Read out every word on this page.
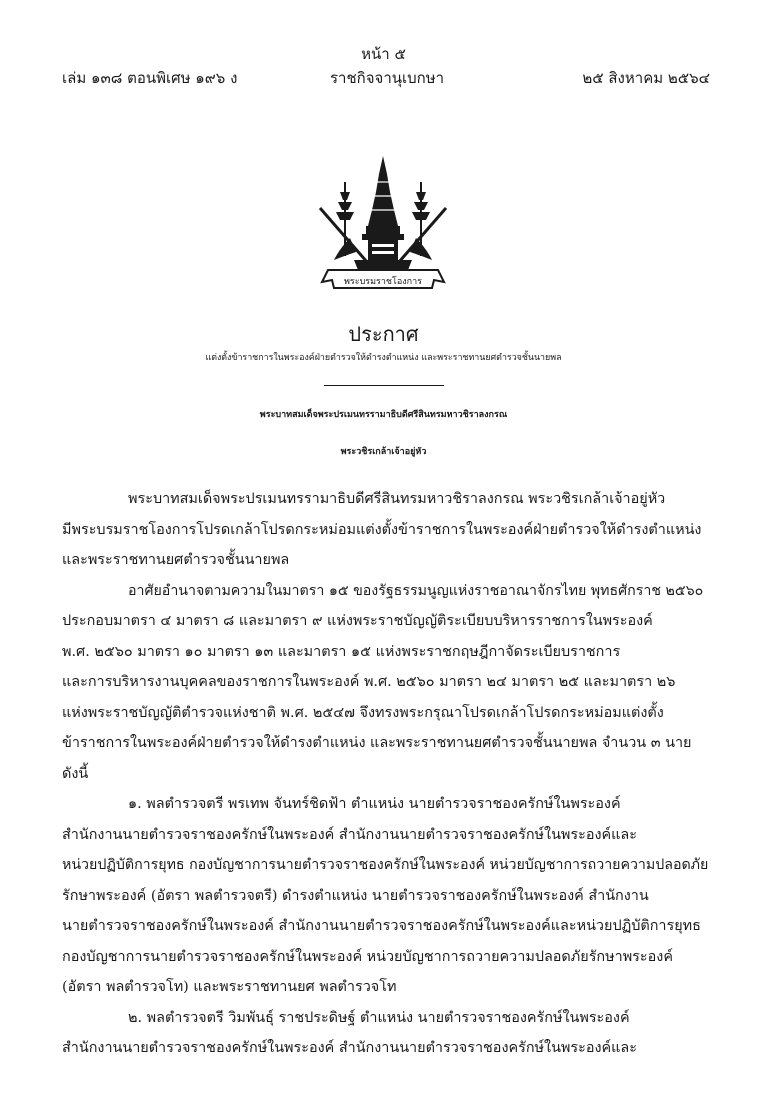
หน้า ๕
เล่ม ๑๓๘ ตอนพิเศษ ๑๙๖ ง	ราชกิจจานุเบกษา	๒๕ สิงหาคม ๒๕๖๔
พระบรมราชโองการ
ประกาศ
แต่งตั้งข้าราชการในพระองค์ฝ่ายตำรวจให้ดำรงตำแหน่ง และพระราชทานยศตำรวจชั้นนายพล
พระบาทสมเด็จพระปรเมนทรรามาธิบดีศรีสินทรมหาวชิราลงกรณ
พระวชิรเกล้าเจ้าอยู่หัว

พระบาทสมเด็จพระปรเมนทรรามาธิบดีศรีสินทรมหาวชิราลงกรณ พระวชิรเกล้าเจ้าอยู่หัว
มีพระบรมราชโองการโปรดเกล้าโปรดกระหม่อมแต่งตั้งข้าราชการในพระองค์ฝ่ายตำรวจให้ดำรงตำแหน่ง
และพระราชทานยศตำรวจชั้นนายพล

อาศัยอำนาจตามความในมาตรา ๑๕ ของรัฐธรรมนูญแห่งราชอาณาจักรไทย พุทธศักราช ๒๕๖๐
ประกอบมาตรา ๔ มาตรา ๘ และมาตรา ๙ แห่งพระราชบัญญัติระเบียบบริหารราชการในพระองค์
พ.ศ. ๒๕๖๐ มาตรา ๑๐ มาตรา ๑๓ และมาตรา ๑๕ แห่งพระราชกฤษฎีกาจัดระเบียบราชการ
และการบริหารงานบุคคลของราชการในพระองค์ พ.ศ. ๒๕๖๐ มาตรา ๒๔ มาตรา ๒๕ และมาตรา ๒๖
แห่งพระราชบัญญัติตำรวจแห่งชาติ พ.ศ. ๒๕๔๗ จึงทรงพระกรุณาโปรดเกล้าโปรดกระหม่อมแต่งตั้ง
ข้าราชการในพระองค์ฝ่ายตำรวจให้ดำรงตำแหน่ง และพระราชทานยศตำรวจชั้นนายพล จำนวน ๓ นาย
ดังนี้

๑. พลตำรวจตรี พรเทพ จันทร์ชิดฟ้า ตำแหน่ง นายตำรวจราชองครักษ์ในพระองค์
สำนักงานนายตำรวจราชองครักษ์ในพระองค์ สำนักงานนายตำรวจราชองครักษ์ในพระองค์และ
หน่วยปฏิบัติการยุทธ กองบัญชาการนายตำรวจราชองครักษ์ในพระองค์ หน่วยบัญชาการถวายความปลอดภัย
รักษาพระองค์ (อัตรา พลตำรวจตรี) ดำรงตำแหน่ง นายตำรวจราชองครักษ์ในพระองค์ สำนักงาน
นายตำรวจราชองครักษ์ในพระองค์ สำนักงานนายตำรวจราชองครักษ์ในพระองค์และหน่วยปฏิบัติการยุทธ
กองบัญชาการนายตำรวจราชองครักษ์ในพระองค์ หน่วยบัญชาการถวายความปลอดภัยรักษาพระองค์
(อัตรา พลตำรวจโท) และพระราชทานยศ พลตำรวจโท

๒. พลตำรวจตรี วิมพันธุ์ ราชประดิษฐ์ ตำแหน่ง นายตำรวจราชองครักษ์ในพระองค์
สำนักงานนายตำรวจราชองครักษ์ในพระองค์ สำนักงานนายตำรวจราชองครักษ์ในพระองค์และ
